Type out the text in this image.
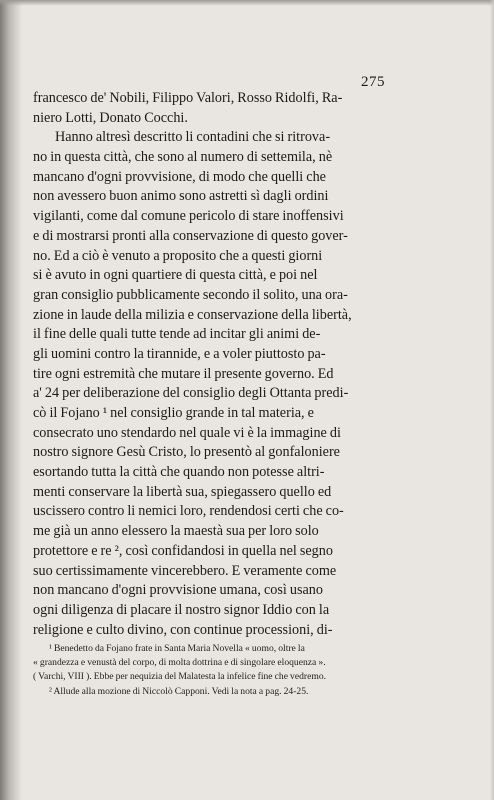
275
francesco de' Nobili, Filippo Valori, Rosso Ridolfi, Ra-
niero Lotti, Donato Cocchi.
Hanno altresì descritto li contadini che si ritrova-
no in questa città, che sono al numero di settemila, nè
mancano d'ogni provvisione, di modo che quelli che
non avessero buon animo sono astretti sì dagli ordini
vigilanti, come dal comune pericolo di stare inoffensivi
e di mostrarsi pronti alla conservazione di questo gover-
no. Ed a ciò è venuto a proposito che a questi giorni
si è avuto in ogni quartiere di questa città, e poi nel
gran consiglio pubblicamente secondo il solito, una ora-
zione in laude della milizia e conservazione della libertà,
il fine delle quali tutte tende ad incitar gli animi de-
gli uomini contro la tirannide, e a voler piuttosto pa-
tire ogni estremità che mutare il presente governo. Ed
a' 24 per deliberazione del consiglio degli Ottanta predi-
cò il Fojano ¹ nel consiglio grande in tal materia, e
consecrato uno stendardo nel quale vi è la immagine di
nostro signore Gesù Cristo, lo presentò al gonfaloniere
esortando tutta la città che quando non potesse altri-
menti conservare la libertà sua, spiegassero quello ed
uscissero contro li nemici loro, rendendosi certi che co-
me già un anno elessero la maestà sua per loro solo
protettore e re ², così confidandosi in quella nel segno
suo certissimamente vincerebbero. E veramente come
non mancano d'ogni provvisione umana, così usano
ogni diligenza di placare il nostro signor Iddio con la
religione e culto divino, con continue processioni, di-
¹ Benedetto da Fojano frate in Santa Maria Novella « uomo, oltre la
« grandezza e venustà del corpo, di molta dottrina e di singolare eloquenza ».
( Varchi, VIII ). Ebbe per nequizia del Malatesta la infelice fine che vedremo.
² Allude alla mozione di Niccolò Capponi. Vedi la nota a pag. 24-25.
